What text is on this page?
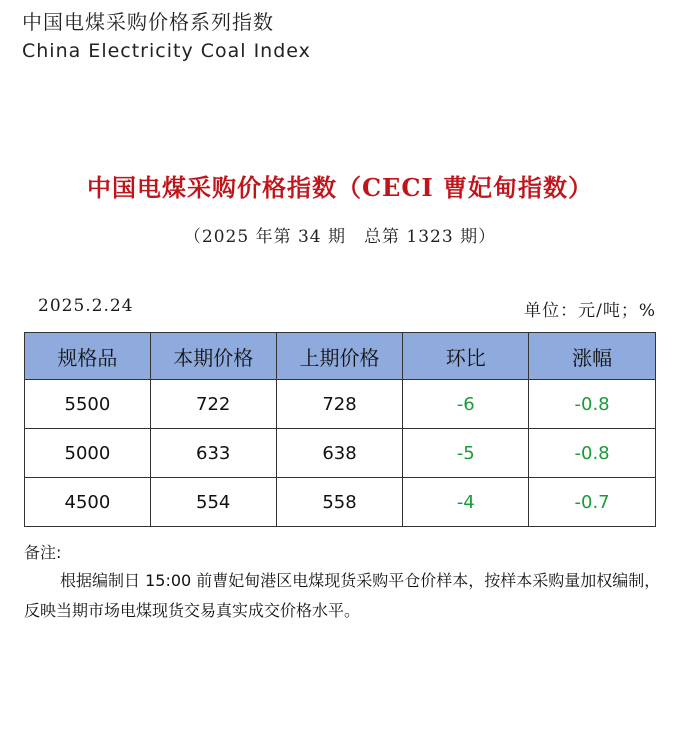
中国电煤采购价格系列指数
China Electricity Coal Index
中国电煤采购价格指数（CECI 曹妃甸指数）
（2025 年第 34 期　总第 1323 期）
2025.2.24	单位：元/吨；%
规格品	本期价格	上期价格	环比	涨幅
5500	722	728	-6	-0.8
5000	633	638	-5	-0.8
4500	554	558	-4	-0.7
备注:
根据编制日 15:00 前曹妃甸港区电煤现货采购平仓价样本，按样本采购量加权编制，反映当期市场电煤现货交易真实成交价格水平。
